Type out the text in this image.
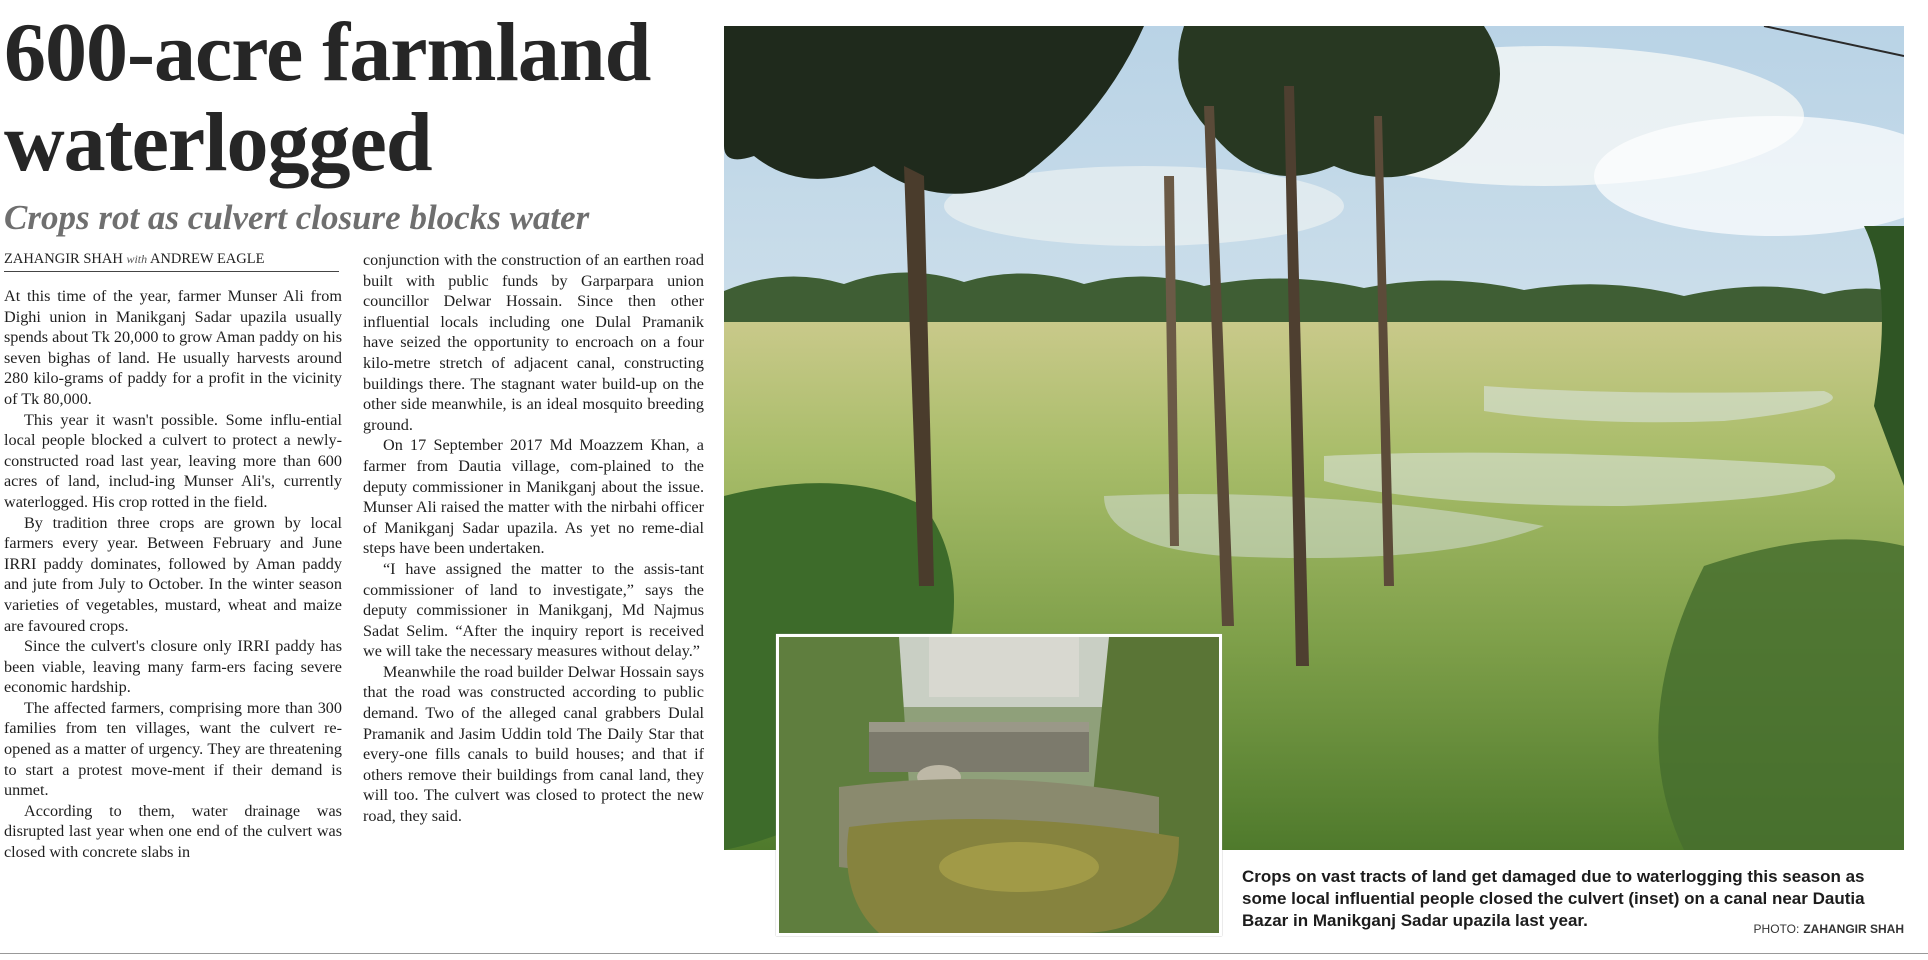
600-acre farmland waterlogged
Crops rot as culvert closure blocks water
ZAHANGIR SHAH with ANDREW EAGLE

At this time of the year, farmer Munser Ali from Dighi union in Manikganj Sadar upazila usually spends about Tk 20,000 to grow Aman paddy on his seven bighas of land. He usually harvests around 280 kilo-grams of paddy for a profit in the vicinity of Tk 80,000.

This year it wasn't possible. Some influ-ential local people blocked a culvert to protect a newly-constructed road last year, leaving more than 600 acres of land, includ-ing Munser Ali's, currently waterlogged. His crop rotted in the field.

By tradition three crops are grown by local farmers every year. Between February and June IRRI paddy dominates, followed by Aman paddy and jute from July to October. In the winter season varieties of vegetables, mustard, wheat and maize are favoured crops.

Since the culvert's closure only IRRI paddy has been viable, leaving many farm-ers facing severe economic hardship.

The affected farmers, comprising more than 300 families from ten villages, want the culvert re-opened as a matter of urgency. They are threatening to start a protest move-ment if their demand is unmet.

According to them, water drainage was disrupted last year when one end of the culvert was closed with concrete slabs in

conjunction with the construction of an earthen road built with public funds by Garparpara union councillor Delwar Hossain. Since then other influential locals including one Dulal Pramanik have seized the opportunity to encroach on a four kilo-metre stretch of adjacent canal, constructing buildings there. The stagnant water build-up on the other side meanwhile, is an ideal mosquito breeding ground.

On 17 September 2017 Md Moazzem Khan, a farmer from Dautia village, com-plained to the deputy commissioner in Manikganj about the issue. Munser Ali raised the matter with the nirbahi officer of Manikganj Sadar upazila. As yet no reme-dial steps have been undertaken.

“I have assigned the matter to the assis-tant commissioner of land to investigate,” says the deputy commissioner in Manikganj, Md Najmus Sadat Selim. “After the inquiry report is received we will take the necessary measures without delay.”

Meanwhile the road builder Delwar Hossain says that the road was constructed according to public demand. Two of the alleged canal grabbers Dulal Pramanik and Jasim Uddin told The Daily Star that every-one fills canals to build houses; and that if others remove their buildings from canal land, they will too. The culvert was closed to protect the new road, they said.

Crops on vast tracts of land get damaged due to waterlogging this season as some local influential people closed the culvert (inset) on a canal near Dautia Bazar in Manikganj Sadar upazila last year.	PHOTO: ZAHANGIR SHAH
